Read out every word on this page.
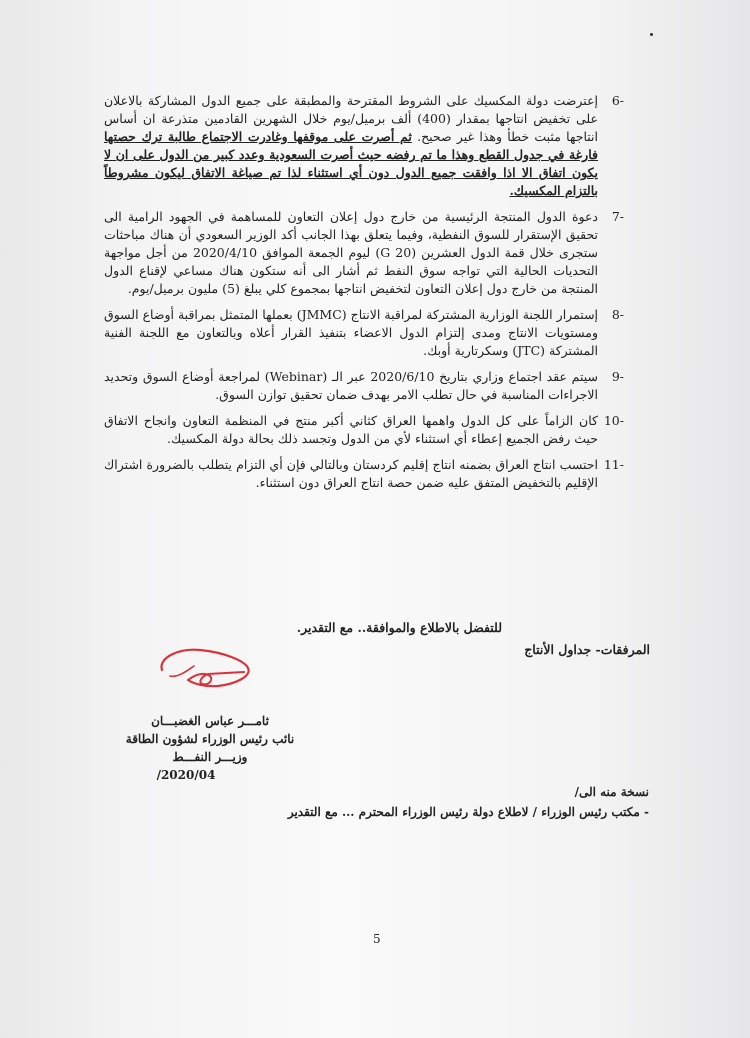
6-
إعترضت دولة المكسيك على الشروط المقترحة والمطبقة على جميع الدول المشاركة بالاعلان على تخفيض انتاجها بمقدار (400) ألف برميل/يوم خلال الشهرين القادمين متذرعة ان أساس انتاجها مثبت خطأ وهذا غير صحيح. ثم أصرت على موقفها وغادرت الاجتماع طالبة ترك حصتها فارغة في جدول القطع وهذا ما تم رفضه حيث أصرت السعودية وعدد كبير من الدول على ان لا يكون اتفاق الا اذا وافقت جميع الدول دون أي استثناء لذا تم صياغة الاتفاق ليكون مشروطاً بالتزام المكسيك.
7-
دعوة الدول المنتجة الرئيسية من خارج دول إعلان التعاون للمساهمة في الجهود الرامية الى تحقيق الإستقرار للسوق النفطية، وفيما يتعلق بهذا الجانب أكد الوزير السعودي أن هناك مباحثات ستجرى خلال قمة الدول العشرين (G 20) ليوم الجمعة الموافق 2020/4/10 من أجل مواجهة التحديات الحالية التي تواجه سوق النفط ثم أشار الى أنه ستكون هناك مساعي لإقناع الدول المنتجة من خارج دول إعلان التعاون لتخفيض انتاجها بمجموع كلي يبلغ (5) مليون برميل/يوم.
8-
إستمرار اللجنة الوزارية المشتركة لمراقبة الانتاج (JMMC) بعملها المتمثل بمراقبة أوضاع السوق ومستويات الانتاج ومدى إلتزام الدول الاعضاء بتنفيذ القرار أعلاه وبالتعاون مع اللجنة الفنية المشتركة (JTC) وسكرتارية أوبك.
9-
سيتم عقد اجتماع وزاري بتاريخ 2020/6/10 عبر الـ (Webinar) لمراجعة أوضاع السوق وتحديد الاجراءات المناسبة في حال تطلب الامر بهدف ضمان تحقيق توازن السوق.
10-
كان الزاماً على كل الدول واهمها العراق كثاني أكبر منتج في المنظمة التعاون وانجاح الاتفاق حيث رفض الجميع إعطاء أي استثناء لأي من الدول وتجسد ذلك بحالة دولة المكسيك.
11-
احتسب انتاج العراق بضمنه انتاج إقليم كردستان وبالتالي فإن أي التزام يتطلب بالضرورة اشتراك الإقليم بالتخفيض المتفق عليه ضمن حصة انتاج العراق دون استثناء.
للتفضل بالاطلاع والموافقة.. مع التقدير.
المرفقات- جداول الأنتاج
ثامـــر عباس الغضبـــان
نائب رئيس الوزراء لشؤون الطاقة
وزيـــر النفـــط
2020/04/
نسخة منه الى/
- مكتب رئيس الوزراء / لاطلاع دولة رئيس الوزراء المحترم ... مع التقدير
5
